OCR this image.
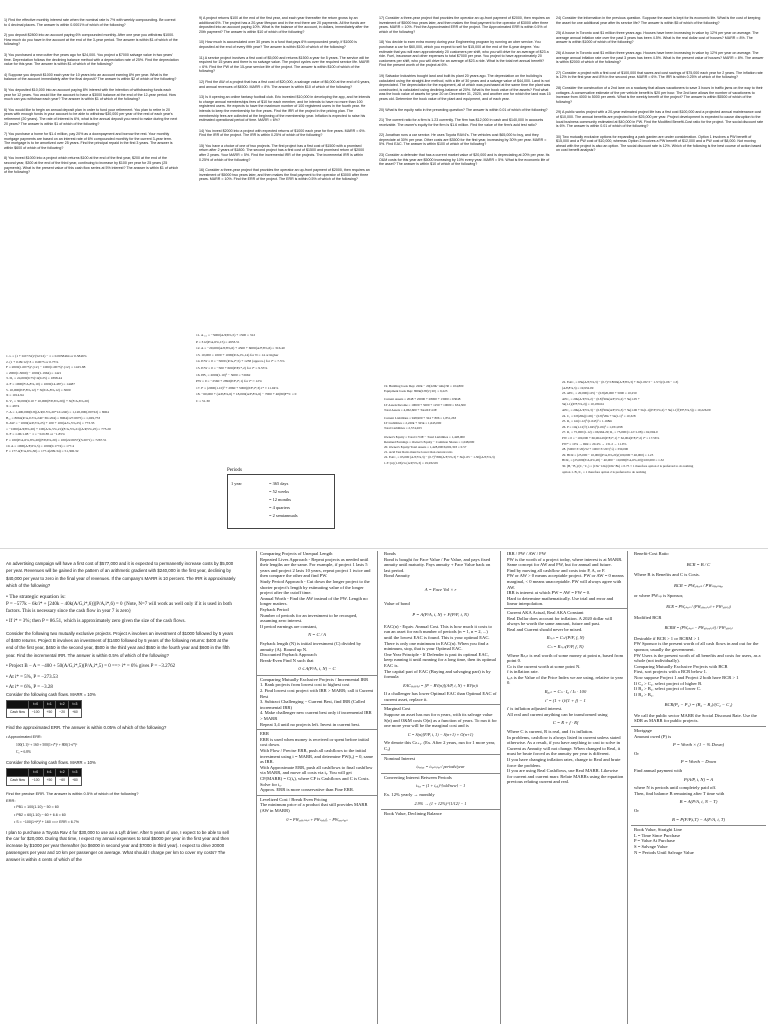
1) Find the effective monthly interest rate when the nominal rate is 7% with weekly compounding. Be correct to 4 decimal places. The answer is within 0.0001% of which of the following?
2) you deposit $2800 into an account paying 6% compounded monthly. After one year you withdraw $1000. How much do you have in the account at the end of the 3-year period. The answer is within $1 of which of the following?
3) You purchased a new cutter five years ago for $24,000. You project a $7000 salvage value in two years' time. Depreciation follows the declining balance method with a depreciation rate of 25%. Find the depreciation value for this year. The answer is within $1 of which of the following?
4) Suppose you deposit $1000 each year for 10 years into an account earning 8% per year. What is the balance of the account immediately after the final deposit? The answer is within $2 of which of the following?
5) You deposited $10,000 into an account paying 8% interest with the intention of withdrawing funds each year for 12 years. You would like the account to have a $3000 balance at the end of the 12-year period. How much can you withdraw each year? The answer is within $1 of which of the following?
6) You would like to begin an annual deposit plan in order to fund your retirement. You plan to retire in 20 years with enough funds in your account to be able to withdraw $30,000 per year of the rest of each year's retirement (20 years). The rate of interest is 6%, what is the annual deposit you need to make during the next 20 years? The answer is within $1 of which of the following?
7) You purchase a home for $1.4 million, pay 20% as a downpayment and borrow the rest. Your monthly mortgage payments are based on an interest rate of 6% compounded monthly for the current 3-year term. The mortgage is to be amortized over 25 years. Find the principal repaid in the first 3 years. The answer is within $600 of which of the following?
8) You invest $1000 into a project which returns $100 at the end of the first year, $200 at the end of the second year, $300 at the end of the third year, continuing to increase by $100 per year for 25 years (25 payments). What is the present value of this cash flow series at 5% interest? The answer is within $1 of which of the following?
9) A project returns $100 at the end of the first year, and each year thereafter the return grows by an additional 6%. The project has a 20-year lifespan and in the end there are 20 payments. All the funds are deposited into an account paying 10%. What is the balance of the account, in dollars, immediately after the 20th payment? The answer is within $10 of which of the following?
10) How much is accumulated over 30 years in a fund that pays 6% compounded yearly, if $1000 is deposited at the end of every fifth year? The answer is within $100 of which of the following?
11) A service project involves a first cost of $5,000 and returns $1500 a year for 5 years. The service will be required for 15 years and there is no salvage value. The project cycles over the required service life. MARR = 6%. Find the PW of the 15-year service life of the project. The answer is within $100 of which of the following?
12) Find the AW of a project that has a first cost of $20,000, a salvage value of $6,000 at the end of 6 years, and annual revenues of $4500. MARR = 8%. The answer is within $10 of which of the following?
13) Is it opening an online fantasy football club. Eric invested $10,000 in developing the app, and he intends to charge annual memberships fees of $10 for each member, and he intends to have no more than 100 registered users. He expects to have the maximum number of 100 registered users in the fourth year. He intends to keep the membership for five years. Find the IRR of the project in the pricing plan. The membership fees are collected at the beginning of the membership year. Inflation is expected to raise his estimated operational period of time. MARR = 6%?
14) You invest $2000 into a project with expected returns of $1000 each year for five years. MARR = 6%. Find the IRR of the project. The IRR is within 0.25% of which of the following?
15) You have a choice of one of two projects. The first project has a first cost of $1500 with a promised return after 2 years of $1800. The second project has a first cost of $1500 and promised return of $2000 after 2 years. Your MARR = 5%. Find the incremental IRR of the projects. The incremental IRR is within 0.25% of which of the following?
16) Consider a three-year project that provides the operator an up-front payment of $2000, then requires an investment of $5000 two years later, and then makes the final payment to the operator of $3000 after three years. MARR = 10%. Find the ERR of the project. The ERR is within 0.5% of which of the following?
17) Consider a three-year project that provides the operator an up-front payment of $2000, then requires an investment of $5000 two years later, and then makes the final payment to the operator of $3000 after three years. MARR = 10%. Find the Approximated ERR of the project. The Approximated ERR is within 0.5% of which of the following?
18) You decide to earn extra money during your Engineering program by running an uber service. You purchase a car for $60,000, which you expect to sell for $15,000 at the end of the 6-year degree. You estimate that you will earn approximately 20 customers per shift, who you will drive for an average of $23 a ride. Fuel, insurance and other expenses to total $7000 per year. You project to have approximately 20 customers per shift, who you will drive for an average of $23 a ride. What is the total net annual benefit? Find the present worth of the project at 6%.
19) Salvador Industries bought land and built its plant 20 years ago. The depreciation on the building is calculated using the straight-line method, with a life of 30 years and a salvage value of $44,000. Land is not depreciated. The depreciation for the equipment, all of which was purchased at the same time the plant was constructed, is calculated using declining-balance at 20%. What is the book value of the assets? Find what was the book value of assets for year 20 on December 31, 2020, and another one for which the land was 15 years old. Determine the book value of the plant and equipment, and of each year.
20) What is the equity ratio in the preceding question? The answer is within 0.01 of which of the following?
21) The current ratio for a firm is 1.23 currently. The firm has $12,000 in cash and $140,000 in accounts receivable. The owner's equity for the firm is $1.6 million. Find the value of the firm's acid test ratio?
22) Jonathan runs a car service. He uses Toyota RAV4's. The vehicles cost $65,000 to buy, and they depreciate at 30% per year. Other costs are $3500 for the first year, increasing by 30% per year. MARR = 5%. Find EAC. The answer is within $100 of which of the following?
23) Consider a defender that has a current market value of $20,000 and is depreciating at 20% per year. Its O&M costs for this year are $5000 increasing by 10% every year. MARR = 5%. What is the economic life of the asset? The answer is within $10 of which of the following?
24) Consider the information in the previous question. Suppose the asset is kept for its economic life. What is the cost of keeping the asset for one additional year after its service life? The answer is within $5 of which of the following?
25) A house in Toronto cost $1 million three years ago. Houses have been increasing in value by 12% per year on average. The average annual inflation rate over the past 3 years has been 4.5%. What is the real dollar cost of houses? MARR = 8%. The answer is within $1000 of which of the following?
26) A house in Toronto cost $1 million three years ago. Houses have been increasing in value by 12% per year on average. The average annual inflation rate over the past 3 years has been 4.5%. What is the present value of houses? MARR = 8%. The answer is within $2000 of which of the following?
27) Consider a project with a first cost of $100,000 that saves and cost savings of $75,000 each year for 2 years. The inflation rate is 12% in the first year and 8% in the second year. MARR = 6%. The IRR is within 0.25% of which of the following?
28) Consider the construction of a 2nd lane on a roadway that allows vacationers to save 3 hours in traffic jams on the way to their cottages. A conservative estimate of the per vehicle benefit is $20 per hour. The 2nd lane allows the number of vacationers to increase from 4000 to 5000 per week. What is the weekly benefit of the project? The answer is within $5500 of which of the following?
29) A public works project with a 20-year estimated project life has a first cost $100,000 and a projected annual maintenance cost of $10,000. The annual benefits are projected to be $25,000 per year. Project development is expected to cause disruption to the local business community estimated at $40,000 in PW. Find the Modified Benefit-Cost ratio for the project. The social discount rate is 6%. The answer is within 0.01 of which of the following?
30) Two mutually exclusive options for expanding a park garden are under consideration. Option 1 involves a PW benefit of $15,000 and a PW cost of $10,000, whereas Option 2 involves a PW benefit of $12,000 and a PW cost of $8,000. Not moving ahead with the project is also an option. The social discount rate is 12%. Which of the following is the best course of action based on cost benefit analysis?
1. iₑ = (1 + 0.07/52)^(52/12) − 1 = 0.0058464 or 0.5846%
2. (1 + 0.09/12)^3 = 0.0075 or 0.75%
F = 2000(1.0075)^{12} − 1000(1.0075)^{12} = 1425.88
= 2000(1.3060) − 1000(1.1964) = 1421
3. D₅ = 24,000(0.75)^4(0.25) = 1898.44
4. F = 1000(F/A,8%,10) = 1000(14.487) = 14487
5. 10,000(P/F,8%,12) + X(P/A,8%,12) = 3000
X = 1014.94
6. V₀ = 30,000(0.10 + 10,000(F/P,6%,20)) + X(F/A,6%,20)
X = 4874
7. A = 1,400,000(0.8)(A/P,0.5%,20*12=240) = 1,120,000(.00722) = 8064
B₃₆ = 8064(P/A,0.5%,240−36=204) = 8064(127.6975) = 1,029,753
8. AW = −1000(A/P,5%,25) + 100 + 100(A/G,5%,25) = 773.33
= −1000(A/P,8%,20) + 100(A/G,5%,21)(F/A,5%,21)(A/P,5%,25) = 773.20
9. F = 1.06/1.08 − 1 = −0.0185 or −1.85%
F = 100(P/A,6%,8%,20)(F/P,6%,20) = 100(22.0657)(3.2071) = 7267.51
10. A = 1000(A/F,6%,5) = 1000(0.1774) = 177.4
F = 177.4(F/A,6%,30) = 177.4(209.34) = 51,306.32
11. A₁₅₀ = −5000(A/P,6%,5) + 1500 = 312
P = 312(P/A,6%,15) = 4933.51
12. A = −20,000(A/P,8%,6) + 4500 + 6000(A/F,8%,6) = 316.40
13. 10,000 = 1000 + 1000(P/A,i%,14) for N = 14 or higher
14. P/W = 0 = −5000 (P/A,i*,5) + 1238 (approx.) for i* = 7.5%
15. P/W = 0 = −500 + 600(P/F,i*,2) for i* = 9.55%
16. PB₁ = 2000(1.10)³ − 5000 = +2662
PW = 0 = −2560 + 2892(P/F,i*,1) for i* ≈ 12%
17. F = (2000(1.10)³ + 2860 + 5000)(P/F,i*,3) i* ≈ 11.04%
18. −60,000 + (A/P,8%,6) + 18,000(A/F,8%,6) − 7000 + 40(80)F*C = 0
C = 51.30
Periods
1 year	= 365 days
= 52 weeks
= 12 months
= 4 quarters
= 2 semiannuals
19. Building book Dep: 220k − 20(220k−44k)/30 = 104,800
Equipment book Dep: 800k(0.80)^{20} = 9,223
Current Assets = 2048 + 20000 + 28000 + 13000 = 63048
LT Assets/Income = 10000 + 5000 + 1250 + 10000 = 634,300
Total Assets = 4,062,600 + TotalLT=OE
Current Liabilities = 948,900 + 324 + 806 = 1,851,263
LT Liabilities = 2,220k + 325k = 1,643,000
Total Liabilities = 2,574,263
Owner's Equity = Total L+OE − Total Liabilities = 1,428,000
Retained Earnings = Owner's Equity − Common Shares = 1,048,000
20. Owner's Equity/Total Assets = 1,428,000/6,002,303 = 0.57
21. Acid Test Ratio must be lower than current ratio
22. EAC₁ = 65,000 (A/P,5%,3) − (0.7)³ 800(A/F,5%,3) + 3k(1.05 − 1.30)(A/P,5%,3)
1.3^{n}(1.06)^n (A/P,5%,3) = 19,932.09
22. EAC₁ = 65k(A/P,5%,3) − (0.7)^3 800k(A/F,8%,3) + 3k(1.06^3 − 1.3^3)/(1.06 − 1.3)
(A/P,8%,3) = 19,932.09
23. AEC₁ = 20,000(1.05) − (0.8)20,000 + 5000 = 10,250
AEC₂ = 20k(A/P,5%,2) − (0.8)²20k(A/F,5%,2) + 5k(1.05 +
5k(1.1)(P/F,5%,2)) = 10,180.64
AEC₃ = 20k(A/P,5%,3) − (0.8)³20k(A/F,5%,3) + 5k(1.06 + 5k(1.1)(P/F,5%,2) + 5k(1.1)²(P/F,5%,3)) = 10,226.09
24. C₄ = 0.8(20k)(1.06) − (0.8)²20k + 5k(1.1)³ = 10,328
25. R₃ = 1m(1.12)³/(1.045)³ = 1.168m
26. P = 1m(1.12)³/(1.045)³(1.06)³ = 1,031,098
27. R₁ = 75,000/(1.12) = 66,964.29; R₂ = 75,000/(1.12×1.08) = 62,004.0
PW = 0 = −100,000 + 66,964.29(P/F,i*,1) + 62,004(P/F,i*,2) i* = 17.56%
PW* = 10% → IRR = 20.4% → 131.2 → 11.9%
28. (5000×3×20)/52 + 1000×3×20×(½) = 330,000
29. BCR = (25,000 − 10,000)(P/A,6%,20)/(100,000 + 40,000) = 1.23
BCR₂ = [25,000(P/A,6%,20) − 40,000 − 10,000(P/A,6%,20)]/100,000 = 1.32
30. (B₁−B₂)/(C₁−C₂) = (15k−12k)/(10k−8k) = 0.75 < 1 therefore option 2 is preferred to do nothing
option 1. B₂/C₂ = 1 therefore option 2 is preferred to do nothing
An advertising campaign will have a first cost of $577,000 and it is expected to permanently increase costs by $5,000 per year. Revenues will be gained in the pattern of an arithmetic gradient with $240,000 in the first year, declining by $40,000 per year to zero in the final year of revenues. If the company's MARR is 10 percent. The IRR is approximately which of the following?
• The strategic equation is:
P = −577k − 6k/i* + [240k − 40k(A/G,i*,6)](P/A,i*,6) = 0 {Note, N=7 will work as well only if it is used in both factors. This is necessary since the cash flow in year 7 is zero}
• If i* = 3%; then P = 86.51, which is approximately zero given the size of the cash flows.
Consider the following two mutually exclusive projects. Project A involves an investment of $1000 followed by 5 years of $400 returns. Project B involves an investment of $1400 followed by 5 years of the following returns: $400 at the end of the first year, $450 in the second year, $500 in the third year and $550 in the fourth year and $600 in the fifth year. Find the incremental IRR. The answer is within 0.5% of which of the following?
• Project B − A = −400 + 50(A/G,i*,5)(P/A,i*,5) = 0 ==> i* = 6% gives P = −3.2762
• At i* = 5%, P = −273.53
• At i* = 6%, P = −3.28
Consider the following cash flows. MARR = 10%
	t=0	t=1	t=2	t=3
Cash flow	−100	+50	−20	+60
Find the approximated ERR. The answer is within 0.05% of which of the following?
• Approximated ERR:
100(1.1)³ + 160 + 500(1+i*)³ + 800(1+i*)³
C₀ = 6.8%
Consider the following cash flows. MARR = 10%
	t=0	t=1	t=2	t=3
Cash flow	−100	+50	−60	+80
Find the precise ERR. The answer is within 0.5% of which of the following?
ERR:
• PB1 = 100(1.10) − 50 = 60
• PB2 = 60(1.10) − 60 + 6.6 = 60
• S = −100(1+i*)³ + 160 ==> ERR = 6.7%
I plan to purchase a Toyota Rav 4 for $30,000 to use as a Lyft driver. After 5 years of use, I expect to be able to sell the car for $20,000. During that time, I expect my annual expenses to total $5000 per year in the first year and then increase by $1000 per year thereafter (so $6000 in second year and $7000 in third year). I expect to drive 20000 passengers per year and 10 km per passenger on average. What should I charge per km to cover my costs? The answer is within 4 cents of which of the
Comparing Projects of Unequal Length
Repeated Lives Approach - Repeat projects as needed until their lengths are the same. For example, if project 1 lasts 5 years and project 2 lasts 10 years, repeat project 1 twice and then compare the other and find PW.
Study Period Approach - Cut down the longer project to the shorter project's length by estimating value of the longer project after the cutoff time.
Annual Worth - Find the AW instead of the PW. Length no longer matters.
Payback Period
Number of periods for an investment to be recouped, assuming zero interest.
If period earnings are constant,
N = C / A
Payback length (N) is initial investment (C) divided by annuity (A). Round up N.
Discounted Payback Approach
Break-Even Find N such that
0 ≤ A(P/A, i, N) − C
Comparing Mutually Exclusive Projects / Incremental IRR
1. Rank projects from lowest cost to highest cost
2. Find lowest cost project with IRR > MARR; call it Current Best
3. Subtract Challenging − Current Best, find IRR (Called incremental IRR)
4. Make challenger new current best only if incremental IRR > MARR
Repeat 3,4 until no projects left. Invest in current best.
ERR
ERR is used when money is received or spent before initial cost down.
With Flow / Precise ERR, push all cashflows to the initial investment using i = MARR, and determine PW(iₐ) = 0, same as IRR.
With Approximate ERR, push all cashflows to final cashflow via MARR, and move all costs via iₐ. You will get CF(MARR) = C(iₐ), where CF is Cashflows and C is Costs. Solve for iₐ.
Approx. ERR is more conservative than Fine ERR.
Levelized Cost / Break Even Pricing
The minimum price of a product that still provides MARR (AW in MARR)
0 = PWₑₓₚₑₙₛₑₛ + PWₛₐₗᵥₐᵍₑ − PWᵣₑᵥₑₙᵤₑₛ
Bonds
Bond is bought for Face Value / Par Value, and pays fixed annuity until maturity. Pays annuity + Face Value back on last period.
Bond Annuity
A = Face Val × r
Value of bond
P = A(P/A, i, N) + F(P/F, i, N)
EAC(n) - Equiv. Annual Cost. This is how much it costs to run an asset for each number of periods (n = 1, n = 2, ...) until the lowest EAC is found. This is your optimal EAC. There is only one minimum in EAC(n). When you find a minimum, stop, that is your Optimal EAC.
One Year Principle - If Defender is past its optimal EAC, keep running it until running for a long time, then its optimal EAC is.
The capital part of EAC (Buying and salvaging part) is by formula
EACₚᵤₚᵢₜₐₗ = [P − BV(n)](A/P, i, N) + BV(n)i
If a challenger has lower Optimal EAC than Optimal EAC of current asset, replace it.
Marginal Cost
Suppose an asset has run for n years, with its salvage value S(n) and O&M costs O(n) as a function of years. To run it for one more year will be the marginal cost and is
C = S(n)[F/P, i, 1) − S(n+1) + O(n+1)
We denote this Cₙ₊₁. (Ex. After 2 years, run for 1 more year, C₃)
Nominal Interest
iₚₑᵣᵢₒₑ = iₙₒₘᵢₙₐₗ / periods/year
Converting Interest Between Periods
iₙₑₓ = (1 + iₒₗₑ)^{old/new} − 1
Ex. 12% yearly → monthly
2.9% → (1 + 12%)^{1/12} − 1
Book Value, Declining Balance
IRR / PW / AW / FW
PW is the worth of a project today, where interest is at MARR. Same concept for AW and FW, but for annual and future.
Find by moving all cashflow and costs into P, A, or F.
PW or AW > 0 means acceptable project. PW or AW = 0 means marginal, < 0 means unacceptable. PW will always agree with AW.
IRR is interest at which PW = AW = FW = 0.
Hard to determine mathematically. Use trial and error and linear interpolation.
Current AKA Actual, Real AKA Constant
Real Dollar does account for inflation. A 2020 dollar will always be worth the same amount, future and past.
Real and Current should never be mixed.
Rₙ,ₙ = Cₙ/(P/F, f, N)
Cₙ = Rₙ,ₙ(F/P, f, N)
Where Rₙ,ₙ is real worth of some money at point n, based from point 0.
Cₙ is the current worth at some point N.
f is inflation rate.
iₑ,ₙ is the Value of the Price Index we are using, relative to year 0.
R₀,ₙ = Cₙ · I₀ / Iₙ · 100
i' = (1 + i)/(1 + f) − 1
i' is inflation adjusted interest.
All real and current anything can be transformed using
C = R + f · Rf
Where C is current, R is real, and f is inflation.
In problems, cashflow is always listed in current unless stated otherwise. As a result, if you have anything to cast to solve in Current as Annuity will not change. When changed to Real, it must be brute forced as the annuity per year is different.
If you have changing inflation rates, change to Real and brute force the problem.
If you are using Real Cashflows, use Real MARR. Likewise for current and current marr. Relate MARRs using the equation previous relating current and real.
Benefit-Cost Ratio
BCR = B / C
Where B is Benefits and C is Costs.
BCR = PWᵤₛₑᵣₛ / PWₛₚₒₙₛₒᵣ
or where PWₛₚ is Sponsor,
BCR = PWᵤₛₑᵣₛ / (PWₒₚₑᵣₐₜᵢₙᵍ + PWᶜₐₚᵢₜₐₗ)
Modified BCR
BCRM = (PWᵤₛₑᵣₛ − PWₒₚₑᵣₐₜᵢₙᵍ) / PWᶜₐₚᵢₜₐₗ
Desirable if BCR > 1 or BCRM > 1
PW Sponsor is the present worth of all cash flows in and out for the sponsor, usually the government.
PW Users is the present worth of all benefits and costs for users, as a whole (not individually).
Comparing Mutually Exclusive Projects with BCR
First, sort projects with a BCR below 1.
Now suppose Project 1 and Project 2 both have BCR > 1
If C₂ > C₁, select project of higher B.
If B₂ > B₁, select project of lower C.
If B₂ > B₁,
BCR(P₂ − P₁) = (B₂ − B₁)/(C₂ − C₁)
We call the public sector MARR the Social Discount Rate. Use the SDR as MARR for public projects.
Mortgage
Amount owed (P) is
P = Worth × (1 − % Down)
Or
P = Worth − Down
Find annual payment with
P(A/P, i, N) = A
where N is periods until completely paid off.
Then, find balance B remaining after T time with
B = A(P/A, i, N − T)
Or
B = P(F/P,i,T) − A(F/A, i, T)
Book Value, Straight Line
L = Time Since Purchase
P = Value At Purchase
S = Salvage Value
N = Periods Until Salvage Value
